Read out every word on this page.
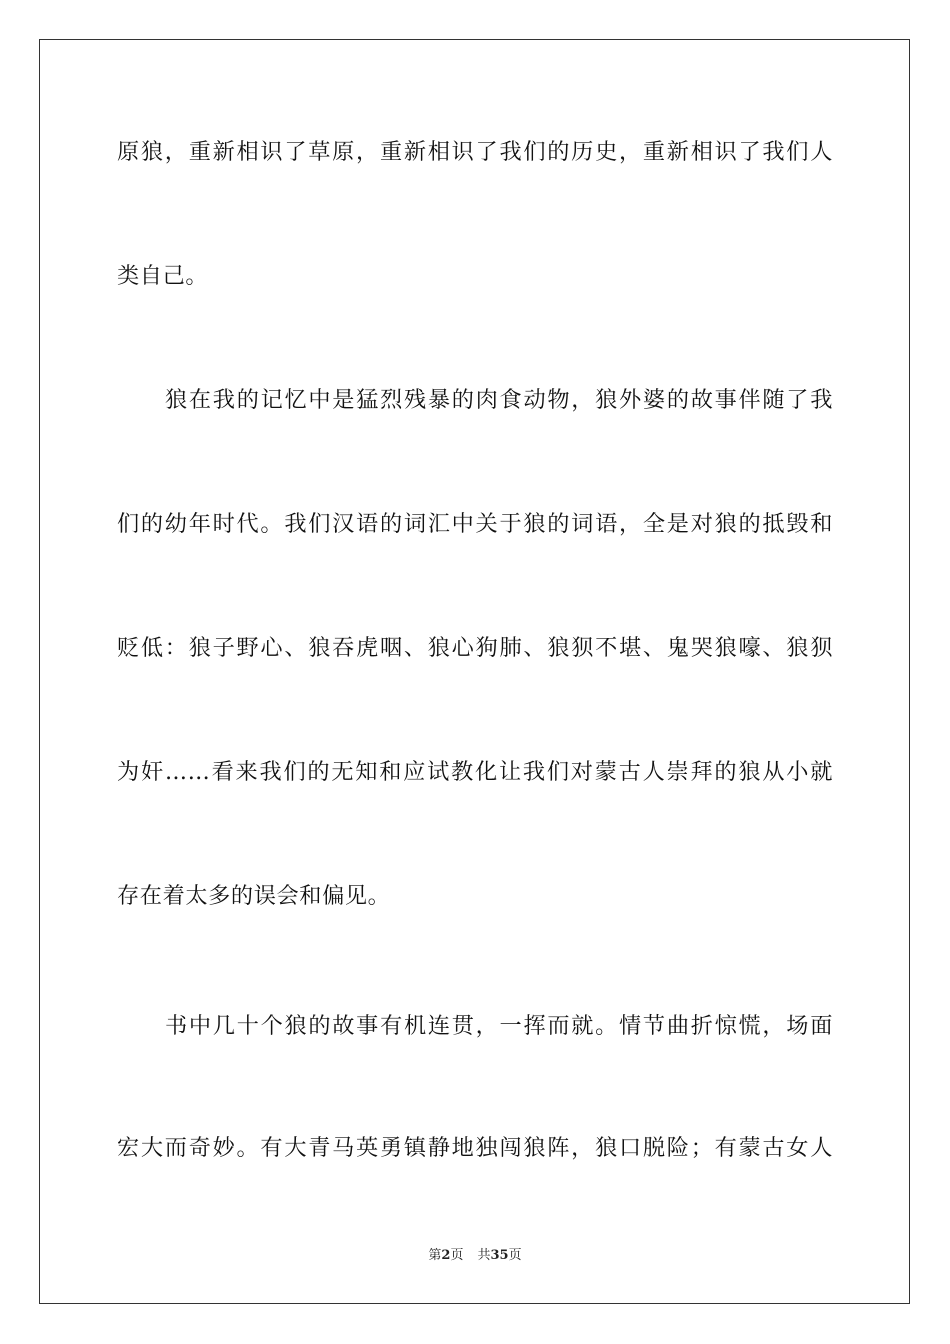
原狼，重新相识了草原，重新相识了我们的历史，重新相识了我们人
类自己。
狼在我的记忆中是猛烈残暴的肉食动物，狼外婆的故事伴随了我
们的幼年时代。我们汉语的词汇中关于狼的词语，全是对狼的抵毁和
贬低：狼子野心、狼吞虎咽、狼心狗肺、狼狈不堪、鬼哭狼嚎、狼狈
为奸……看来我们的无知和应试教化让我们对蒙古人崇拜的狼从小就
存在着太多的误会和偏见。
书中几十个狼的故事有机连贯，一挥而就。情节曲折惊慌，场面
宏大而奇妙。有大青马英勇镇静地独闯狼阵，狼口脱险；有蒙古女人
第2页 共35页
